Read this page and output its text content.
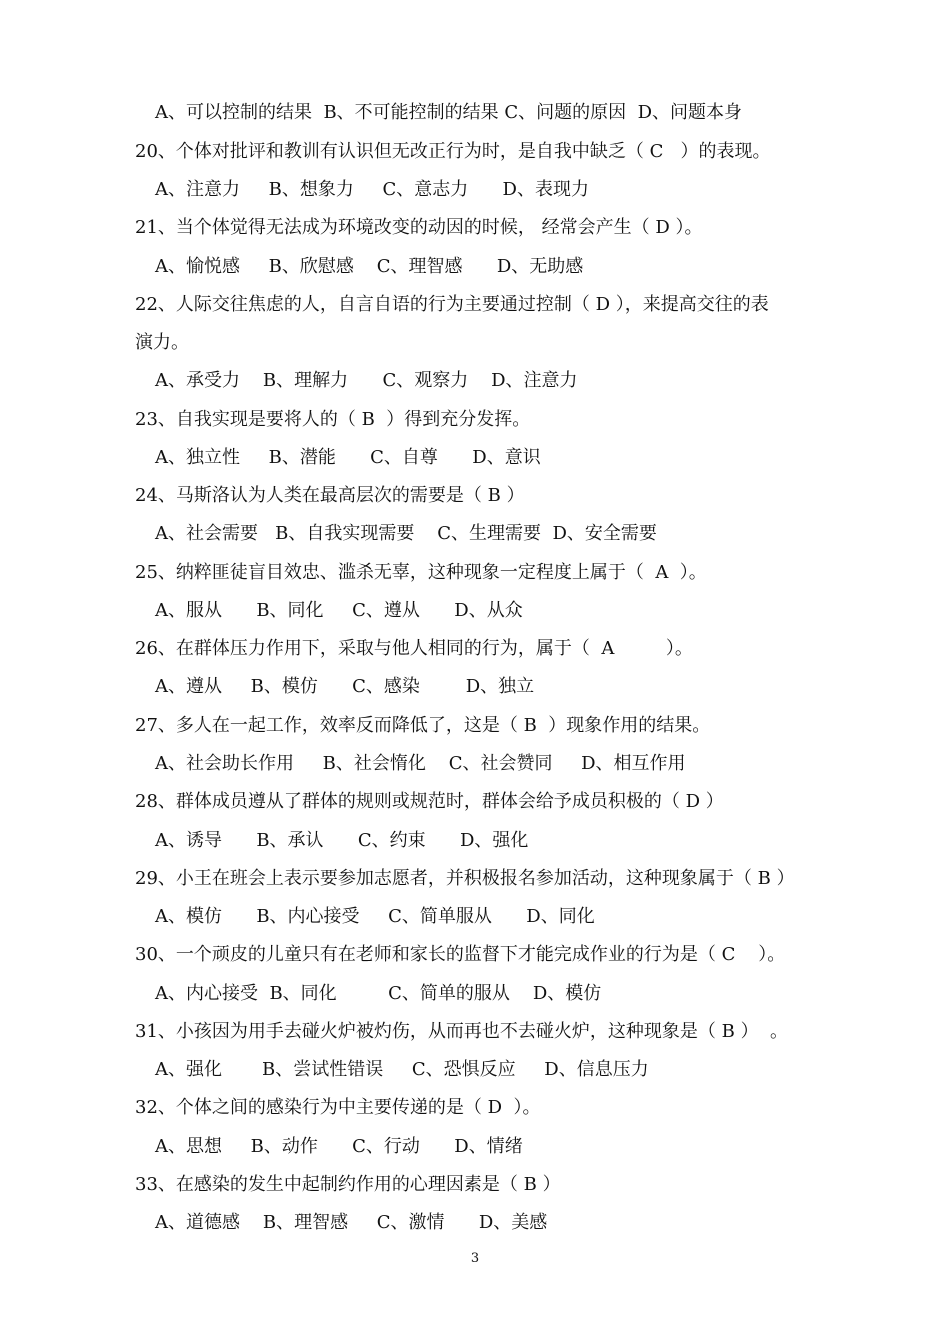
A、可以控制的结果  B、不可能控制的结果 C、问题的原因  D、问题本身
20、个体对批评和教训有认识但无改正行为时，是自我中缺乏（ C   ）的表现。
A、注意力     B、想象力     C、意志力      D、表现力
21、当个体觉得无法成为环境改变的动因的时候， 经常会产生（ D ）。
A、愉悦感     B、欣慰感    C、理智感      D、无助感
22、人际交往焦虑的人，自言自语的行为主要通过控制（ D ），来提高交往的表
演力。
A、承受力    B、理解力      C、观察力    D、注意力
23、自我实现是要将人的（ B  ）得到充分发挥。
A、独立性     B、潜能      C、自尊      D、意识
24、马斯洛认为人类在最高层次的需要是（ B ）
A、社会需要   B、自我实现需要    C、生理需要  D、安全需要
25、纳粹匪徒盲目效忠、滥杀无辜，这种现象一定程度上属于（  A  ）。
A、服从      B、同化     C、遵从      D、从众
26、在群体压力作用下，采取与他人相同的行为，属于（  A         ）。
A、遵从     B、模仿      C、感染        D、独立
27、多人在一起工作，效率反而降低了，这是（ B  ）现象作用的结果。
A、社会助长作用     B、社会惰化    C、社会赞同     D、相互作用
28、群体成员遵从了群体的规则或规范时，群体会给予成员积极的（ D ）
A、诱导      B、承认      C、约束      D、强化
29、小王在班会上表示要参加志愿者，并积极报名参加活动，这种现象属于（ B ）
A、模仿      B、内心接受     C、简单服从      D、同化
30、一个顽皮的儿童只有在老师和家长的监督下才能完成作业的行为是（ C    ）。
A、内心接受  B、同化         C、简单的服从    D、模仿
31、小孩因为用手去碰火炉被灼伤，从而再也不去碰火炉，这种现象是（ B ）  。
A、强化       B、尝试性错误     C、恐惧反应     D、信息压力
32、个体之间的感染行为中主要传递的是（ D  ）。
A、思想     B、动作      C、行动      D、情绪
33、在感染的发生中起制约作用的心理因素是（ B ）
A、道德感    B、理智感     C、激情      D、美感
3
